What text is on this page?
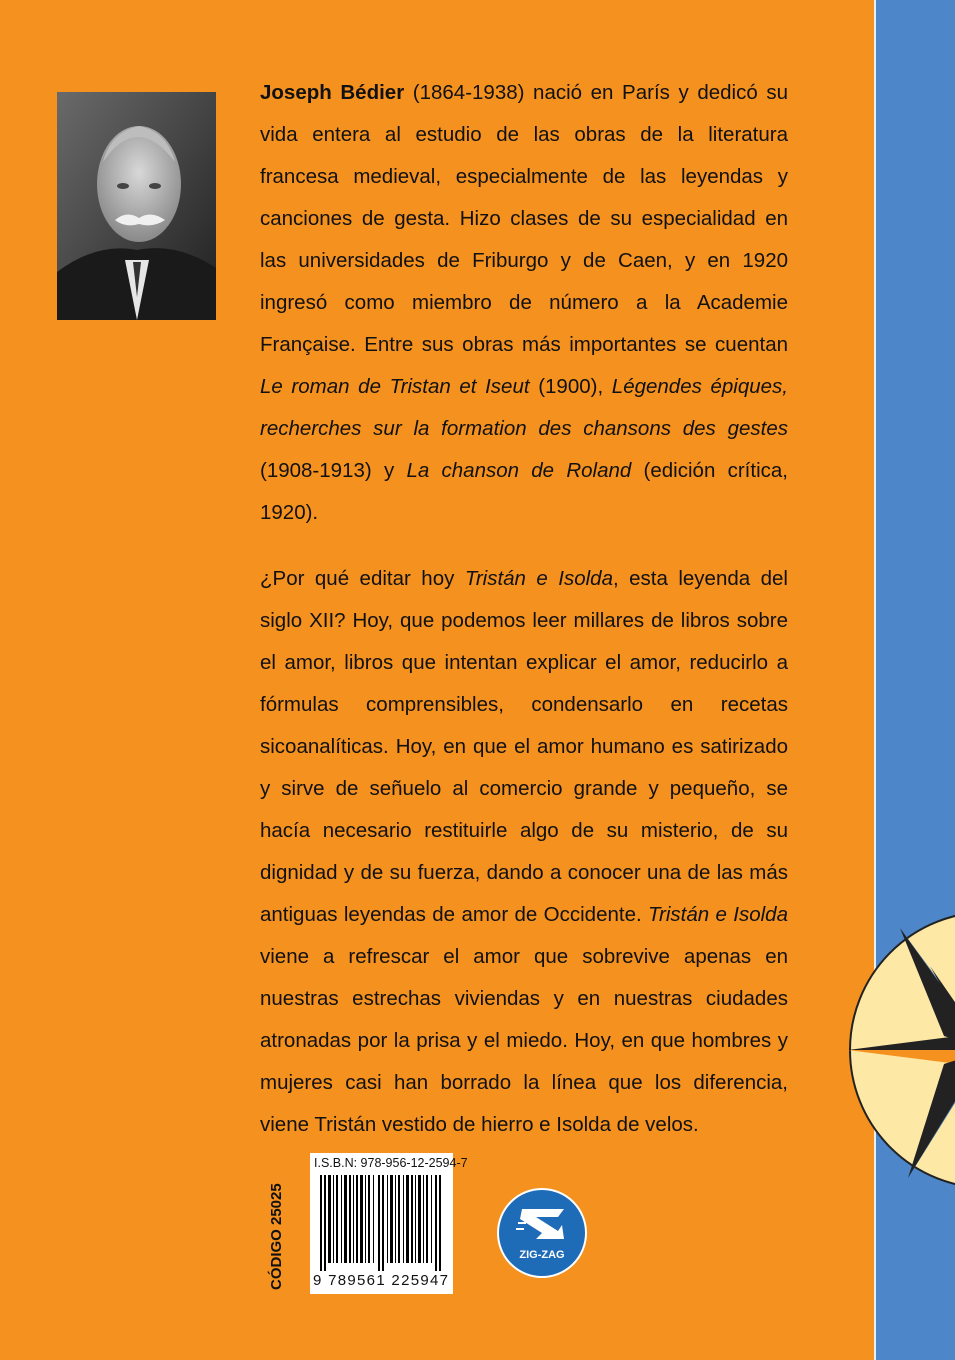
Joseph Bédier (1864-1938) nació en París y dedicó su vida entera al estudio de las obras de la literatura francesa medieval, especialmente de las leyendas y canciones de gesta. Hizo clases de su especialidad en las universidades de Friburgo y de Caen, y en 1920 ingresó como miembro de número a la Academie Française. Entre sus obras más importantes se cuentan Le roman de Tristan et Iseut (1900), Légendes épiques, recherches sur la formation des chansons des gestes (1908-1913) y La chanson de Roland (edición crítica, 1920).

¿Por qué editar hoy Tristán e Isolda, esta leyenda del siglo XII? Hoy, que podemos leer millares de libros sobre el amor, libros que intentan explicar el amor, reducirlo a fórmulas comprensibles, condensarlo en recetas sicoanalíticas. Hoy, en que el amor humano es satirizado y sirve de señuelo al comercio grande y pequeño, se hacía necesario restituirle algo de su misterio, de su dignidad y de su fuerza, dando a conocer una de las más antiguas leyendas de amor de Occidente. Tristán e Isolda viene a refrescar el amor que sobrevive apenas en nuestras estrechas viviendas y en nuestras ciudades atronadas por la prisa y el miedo. Hoy, en que hombres y mujeres casi han borrado la línea que los diferencia, viene Tristán vestido de hierro e Isolda de velos.

CÓDIGO 25025
I.S.B.N: 978-956-12-2594-7
9 789561 225947
ZIG-ZAG
